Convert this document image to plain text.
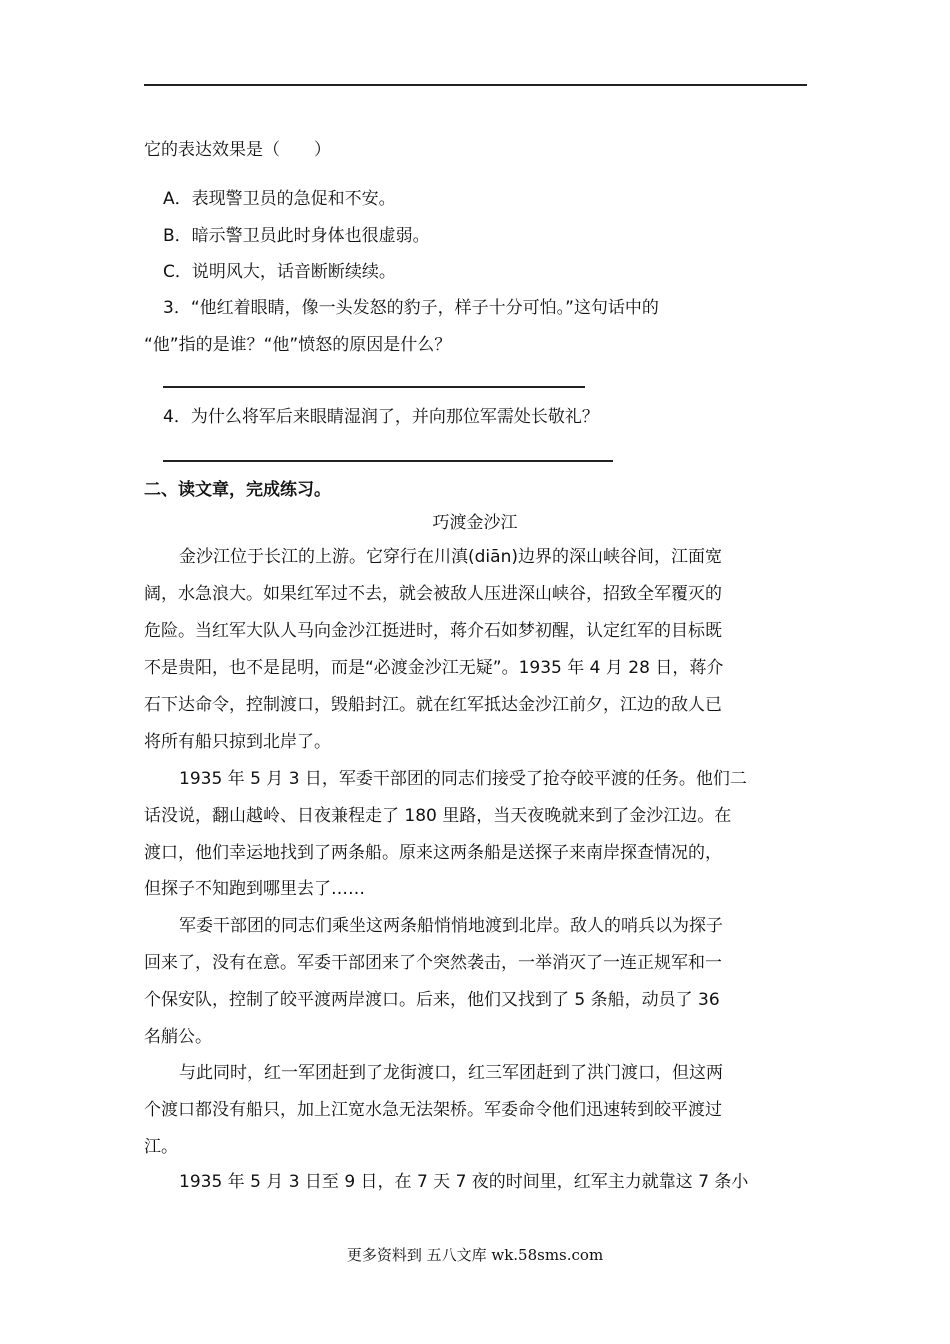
它的表达效果是（　　）
A．表现警卫员的急促和不安。
B．暗示警卫员此时身体也很虚弱。
C．说明风大，话音断断续续。
3．“他红着眼睛，像一头发怒的豹子，样子十分可怕。”这句话中的
“他”指的是谁？“他”愤怒的原因是什么？
4．为什么将军后来眼睛湿润了，并向那位军需处长敬礼？
二、读文章，完成练习。
巧渡金沙江
金沙江位于长江的上游。它穿行在川滇(diān)边界的深山峡谷间，江面宽
阔，水急浪大。如果红军过不去，就会被敌人压进深山峡谷，招致全军覆灭的
危险。当红军大队人马向金沙江挺进时，蒋介石如梦初醒，认定红军的目标既
不是贵阳，也不是昆明，而是“必渡金沙江无疑”。1935 年 4 月 28 日，蒋介
石下达命令，控制渡口，毁船封江。就在红军抵达金沙江前夕，江边的敌人已
将所有船只掠到北岸了。
1935 年 5 月 3 日，军委干部团的同志们接受了抢夺皎平渡的任务。他们二
话没说，翻山越岭、日夜兼程走了 180 里路，当天夜晚就来到了金沙江边。在
渡口，他们幸运地找到了两条船。原来这两条船是送探子来南岸探查情况的，
但探子不知跑到哪里去了……
军委干部团的同志们乘坐这两条船悄悄地渡到北岸。敌人的哨兵以为探子
回来了，没有在意。军委干部团来了个突然袭击，一举消灭了一连正规军和一
个保安队，控制了皎平渡两岸渡口。后来，他们又找到了 5 条船，动员了 36
名艄公。
与此同时，红一军团赶到了龙街渡口，红三军团赶到了洪门渡口，但这两
个渡口都没有船只，加上江宽水急无法架桥。军委命令他们迅速转到皎平渡过
江。
1935 年 5 月 3 日至 9 日，在 7 天 7 夜的时间里，红军主力就靠这 7 条小
更多资料到 五八文库 wk.58sms.com
